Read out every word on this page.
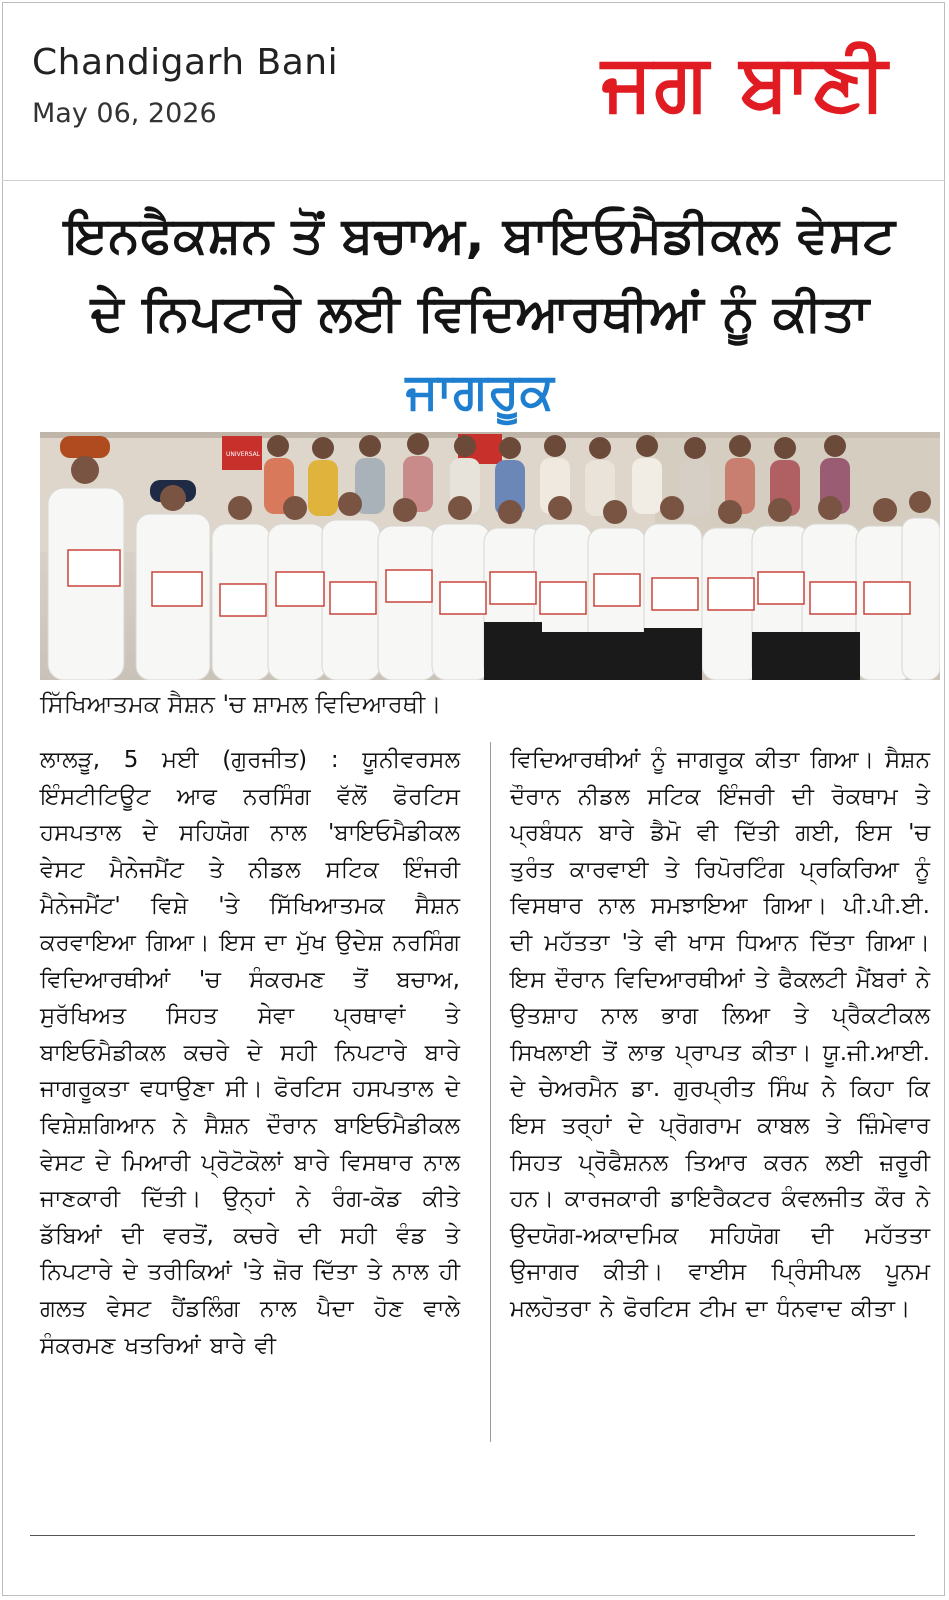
Chandigarh Bani
May 06, 2026	ਜਗ ਬਾਣੀ
ਇਨਫੈਕਸ਼ਨ ਤੋਂ ਬਚਾਅ, ਬਾਇਓਮੈਡੀਕਲ ਵੇਸਟ ਦੇ ਨਿਪਟਾਰੇ ਲਈ ਵਿਦਿਆਰਥੀਆਂ ਨੂੰ ਕੀਤਾ ਜਾਗਰੂਕ
UNIVERSAL
ਸਿੱਖਿਆਤਮਕ ਸੈਸ਼ਨ 'ਚ ਸ਼ਾਮਲ ਵਿਦਿਆਰਥੀ।
ਲਾਲੜੂ, 5 ਮਈ (ਗੁਰਜੀਤ) : ਯੂਨੀਵਰਸਲ ਇੰਸਟੀਟਿਊਟ ਆਫ ਨਰਸਿੰਗ ਵੱਲੋਂ ਫੋਰਟਿਸ ਹਸਪਤਾਲ ਦੇ ਸਹਿਯੋਗ ਨਾਲ 'ਬਾਇਓਮੈਡੀਕਲ ਵੇਸਟ ਮੈਨੇਜਮੈਂਟ ਤੇ ਨੀਡਲ ਸਟਿਕ ਇੰਜਰੀ ਮੈਨੇਜਮੈਂਟ' ਵਿਸ਼ੇ 'ਤੇ ਸਿੱਖਿਆਤਮਕ ਸੈਸ਼ਨ ਕਰਵਾਇਆ ਗਿਆ। ਇਸ ਦਾ ਮੁੱਖ ਉਦੇਸ਼ ਨਰਸਿੰਗ ਵਿਦਿਆਰਥੀਆਂ 'ਚ ਸੰਕਰਮਣ ਤੋਂ ਬਚਾਅ, ਸੁਰੱਖਿਅਤ ਸਿਹਤ ਸੇਵਾ ਪ੍ਰਥਾਵਾਂ ਤੇ ਬਾਇਓਮੈਡੀਕਲ ਕਚਰੇ ਦੇ ਸਹੀ ਨਿਪਟਾਰੇ ਬਾਰੇ ਜਾਗਰੂਕਤਾ ਵਧਾਉਣਾ ਸੀ। ਫੋਰਟਿਸ ਹਸਪਤਾਲ ਦੇ ਵਿਸ਼ੇਸ਼ਗਿਆਨ ਨੇ ਸੈਸ਼ਨ ਦੌਰਾਨ ਬਾਇਓਮੈਡੀਕਲ ਵੇਸਟ ਦੇ ਮਿਆਰੀ ਪ੍ਰੋਟੋਕੋਲਾਂ ਬਾਰੇ ਵਿਸਥਾਰ ਨਾਲ ਜਾਣਕਾਰੀ ਦਿੱਤੀ। ਉਨ੍ਹਾਂ ਨੇ ਰੰਗ-ਕੋਡ ਕੀਤੇ ਡੱਬਿਆਂ ਦੀ ਵਰਤੋਂ, ਕਚਰੇ ਦੀ ਸਹੀ ਵੰਡ ਤੇ ਨਿਪਟਾਰੇ ਦੇ ਤਰੀਕਿਆਂ 'ਤੇ ਜ਼ੋਰ ਦਿੱਤਾ ਤੇ ਨਾਲ ਹੀ ਗਲਤ ਵੇਸਟ ਹੈਂਡਲਿੰਗ ਨਾਲ ਪੈਦਾ ਹੋਣ ਵਾਲੇ ਸੰਕਰਮਣ ਖਤਰਿਆਂ ਬਾਰੇ ਵੀ
ਵਿਦਿਆਰਥੀਆਂ ਨੂੰ ਜਾਗਰੂਕ ਕੀਤਾ ਗਿਆ। ਸੈਸ਼ਨ ਦੌਰਾਨ ਨੀਡਲ ਸਟਿਕ ਇੰਜਰੀ ਦੀ ਰੋਕਥਾਮ ਤੇ ਪ੍ਰਬੰਧਨ ਬਾਰੇ ਡੈਮੋ ਵੀ ਦਿੱਤੀ ਗਈ, ਇਸ 'ਚ ਤੁਰੰਤ ਕਾਰਵਾਈ ਤੇ ਰਿਪੋਰਟਿੰਗ ਪ੍ਰਕਿਰਿਆ ਨੂੰ ਵਿਸਥਾਰ ਨਾਲ ਸਮਝਾਇਆ ਗਿਆ। ਪੀ.ਪੀ.ਈ. ਦੀ ਮਹੱਤਤਾ 'ਤੇ ਵੀ ਖਾਸ ਧਿਆਨ ਦਿੱਤਾ ਗਿਆ। ਇਸ ਦੌਰਾਨ ਵਿਦਿਆਰਥੀਆਂ ਤੇ ਫੈਕਲਟੀ ਮੈਂਬਰਾਂ ਨੇ ਉਤਸ਼ਾਹ ਨਾਲ ਭਾਗ ਲਿਆ ਤੇ ਪ੍ਰੈਕਟੀਕਲ ਸਿਖਲਾਈ ਤੋਂ ਲਾਭ ਪ੍ਰਾਪਤ ਕੀਤਾ। ਯੂ.ਜੀ.ਆਈ. ਦੇ ਚੇਅਰਮੈਨ ਡਾ. ਗੁਰਪ੍ਰੀਤ ਸਿੰਘ ਨੇ ਕਿਹਾ ਕਿ ਇਸ ਤਰ੍ਹਾਂ ਦੇ ਪ੍ਰੋਗਰਾਮ ਕਾਬਲ ਤੇ ਜ਼ਿੰਮੇਵਾਰ ਸਿਹਤ ਪ੍ਰੋਫੈਸ਼ਨਲ ਤਿਆਰ ਕਰਨ ਲਈ ਜ਼ਰੂਰੀ ਹਨ। ਕਾਰਜਕਾਰੀ ਡਾਇਰੈਕਟਰ ਕੰਵਲਜੀਤ ਕੌਰ ਨੇ ਉਦਯੋਗ-ਅਕਾਦਮਿਕ ਸਹਿਯੋਗ ਦੀ ਮਹੱਤਤਾ ਉਜਾਗਰ ਕੀਤੀ। ਵਾਈਸ ਪ੍ਰਿੰਸੀਪਲ ਪੂਨਮ ਮਲਹੋਤਰਾ ਨੇ ਫੋਰਟਿਸ ਟੀਮ ਦਾ ਧੰਨਵਾਦ ਕੀਤਾ।
